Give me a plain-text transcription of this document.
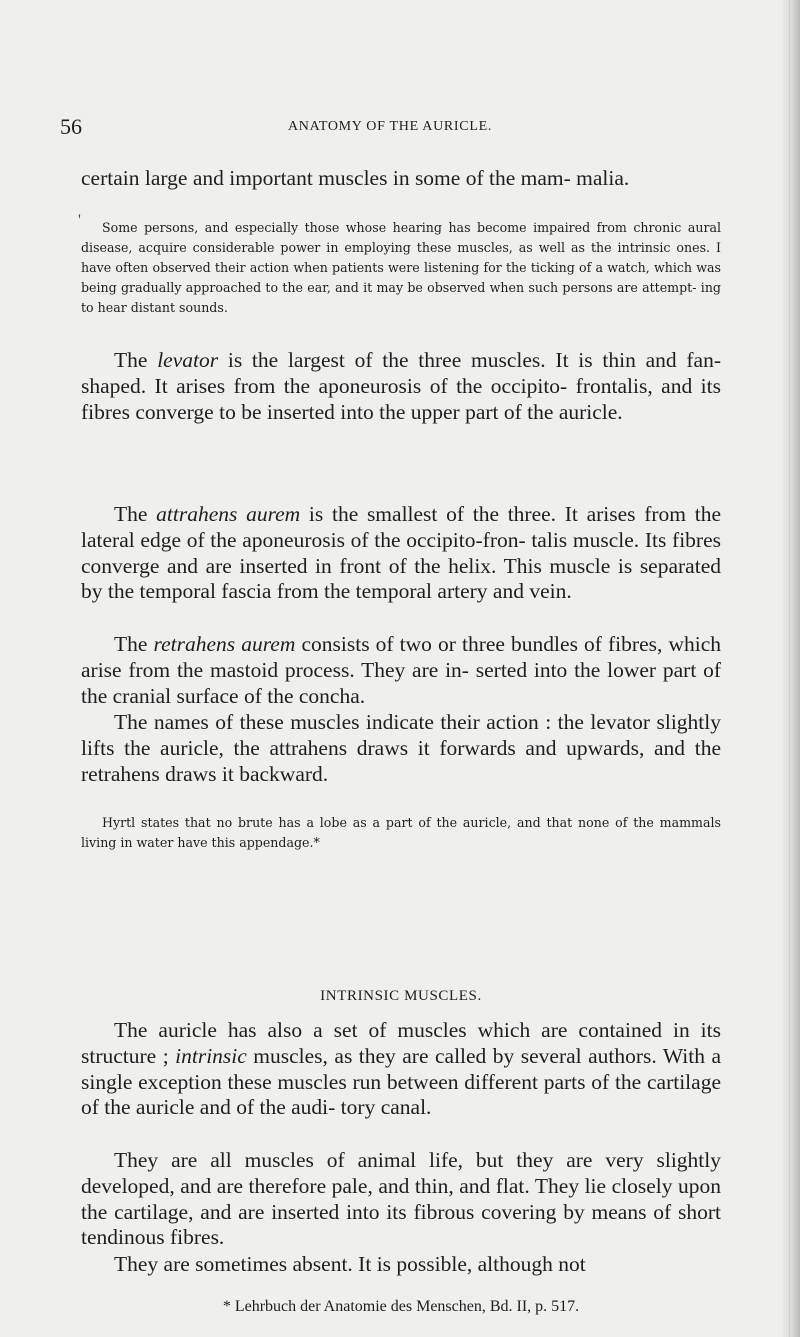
56	ANATOMY OF THE AURICLE.

certain large and important muscles in some of the mam- malia.

'	Some persons, and especially those whose hearing has become impaired from chronic aural disease, acquire considerable power in employing these muscles, as well as the intrinsic ones. I have often observed their action when patients were listening for the ticking of a watch, which was being gradually approached to the ear, and it may be observed when such persons are attempt- ing to hear distant sounds.

The levator is the largest of the three muscles. It is thin and fan-shaped. It arises from the aponeurosis of the occipito- frontalis, and its fibres converge to be inserted into the upper part of the auricle.

The attrahens aurem is the smallest of the three. It arises from the lateral edge of the aponeurosis of the occipito-fron- talis muscle. Its fibres converge and are inserted in front of the helix. This muscle is separated by the temporal fascia from the temporal artery and vein.

The retrahens aurem consists of two or three bundles of fibres, which arise from the mastoid process. They are in- serted into the lower part of the cranial surface of the concha.

The names of these muscles indicate their action : the levator slightly lifts the auricle, the attrahens draws it forwards and upwards, and the retrahens draws it backward.

Hyrtl states that no brute has a lobe as a part of the auricle, and that none of the mammals living in water have this appendage.*

INTRINSIC MUSCLES.

The auricle has also a set of muscles which are contained in its structure ; intrinsic muscles, as they are called by several authors. With a single exception these muscles run between different parts of the cartilage of the auricle and of the audi- tory canal.

They are all muscles of animal life, but they are very slightly developed, and are therefore pale, and thin, and flat. They lie closely upon the cartilage, and are inserted into its fibrous covering by means of short tendinous fibres.

They are sometimes absent. It is possible, although not

* Lehrbuch der Anatomie des Menschen, Bd. II, p. 517.
